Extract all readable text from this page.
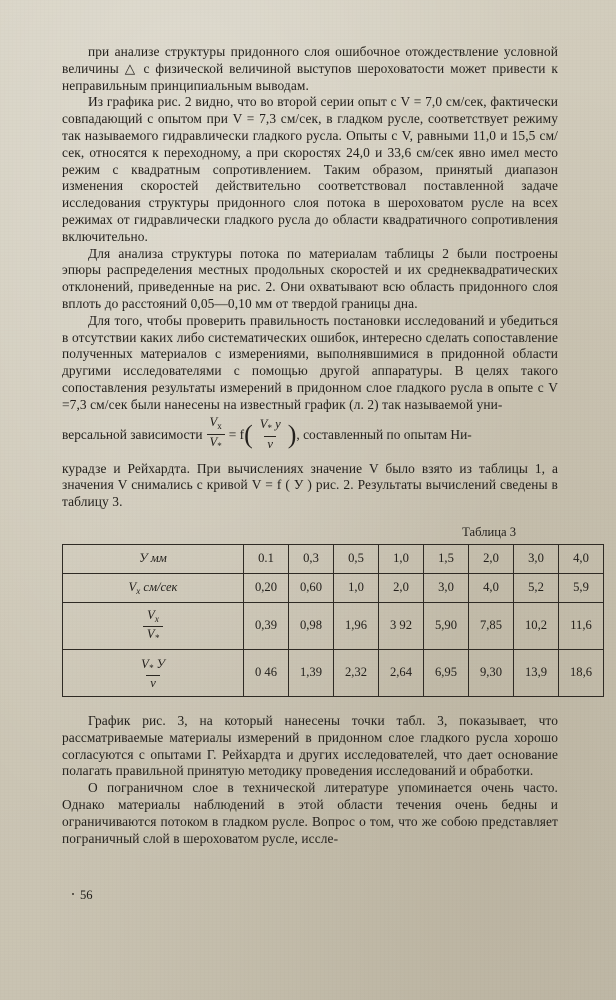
при анализе структуры придонного слоя ошибочное отождествление условной величины △ с физической величиной выступов шероховатости может привести к неправильным принципиальным выводам.

Из графика рис. 2 видно, что во второй серии опыт с V = 7,0 см/сек, фактически совпадающий с опытом при V = 7,3 см/сек, в гладком русле, соответствует режиму так называемого гидравлически гладкого русла. Опыты с V, равными 11,0 и 15,5 см/сек, относятся к переходному, а при скоростях 24,0 и 33,6 см/сек явно имел место режим с квадратным сопротивлением. Таким образом, принятый диапазон изменения скоростей действительно соответствовал поставленной задаче исследования структуры придонного слоя потока в шероховатом русле на всех режимах от гидравлически гладкого русла до области квадратичного сопротивления включительно.

Для анализа структуры потока по материалам таблицы 2 были построены эпюры распределения местных продольных скоростей и их среднеквадратических отклонений, приведенные на рис. 2. Они охватывают всю область придонного слоя вплоть до расстояний 0,05—0,10 мм от твердой границы дна.

Для того, чтобы проверить правильность постановки исследований и убедиться в отсутствии каких либо систематических ошибок, интересно сделать сопоставление полученных материалов с измерениями, выполнявшимися в придонной области другими исследователями с помощью другой аппаратуры. В целях такого сопоставления результаты измерений в придонном слое гладкого русла в опыте с V =7,3 см/сек были нанесены на известный график (л. 2) так называемой уни-

версальной зависимости $\frac{V_x}{V_*} = f$ ( $\frac{V_* у}{\nu}$ ) , составленный по опытам Ни-

курадзе и Рейхардта. При вычислениях значение V было взято из таблицы 1, а значения V снимались с кривой V = f ( У ) рис. 2. Результаты вычислений сведены в таблицу 3.

Таблица 3
У мм	0.1	0,3	0,5	1,0	1,5	2,0	3,0	4,0
$V_x$ см/сек	0,20	0,60	1,0	2,0	3,0	4,0	5,2	5,9

$\frac{V_x}{V_*}$	0,39	0,98	1,96	3 92	5,90	7,85	10,2	11,6

$\frac{V_* У}{\nu}$	0 46	1,39	2,32	2,64	6,95	9,30	13,9	18,6

График рис. 3, на который нанесены точки табл. 3, показывает, что рассматриваемые материалы измерений в придонном слое гладкого русла хорошо согласуются с опытами Г. Рейхардта и других исследователей, что дает основание полагать правильной принятую методику проведения исследований и обработки.

О пограничном слое в технической литературе упоминается очень часто. Однако материалы наблюдений в этой области течения очень бедны и ограничиваются потоком в гладком русле. Вопрос о том, что же собою представляет пограничный слой в шероховатом русле, иссле-

56
